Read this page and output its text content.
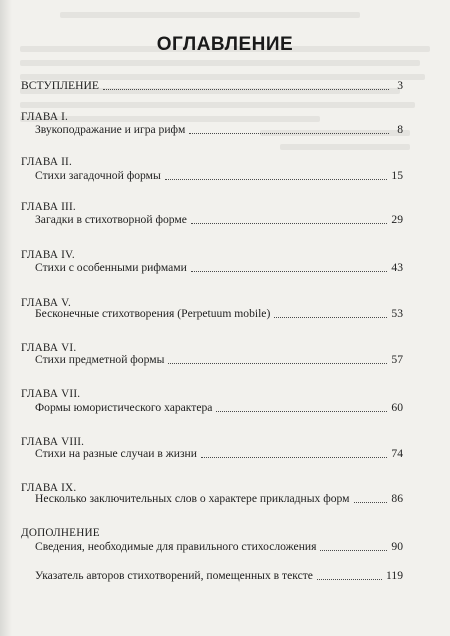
ОГЛАВЛЕНИЕ
ВСТУПЛЕНИЕ	3
ГЛАВА I.
Звукоподражание и игра рифм	8
ГЛАВА II.
Стихи загадочной формы	15
ГЛАВА III.
Загадки в стихотворной форме	29
ГЛАВА IV.
Стихи с особенными рифмами	43
ГЛАВА V.
Бесконечные стихотворения (Perpetuum mobile)	53
ГЛАВА VI.
Стихи предметной формы	57
ГЛАВА VII.
Формы юмористического характера	60
ГЛАВА VIII.
Стихи на разные случаи в жизни	74
ГЛАВА IX.
Несколько заключительных слов о характере прикладных форм	86
ДОПОЛНЕНИЕ
Сведения, необходимые для правильного стихосложения	90
Указатель авторов стихотворений, помещенных в тексте	119
